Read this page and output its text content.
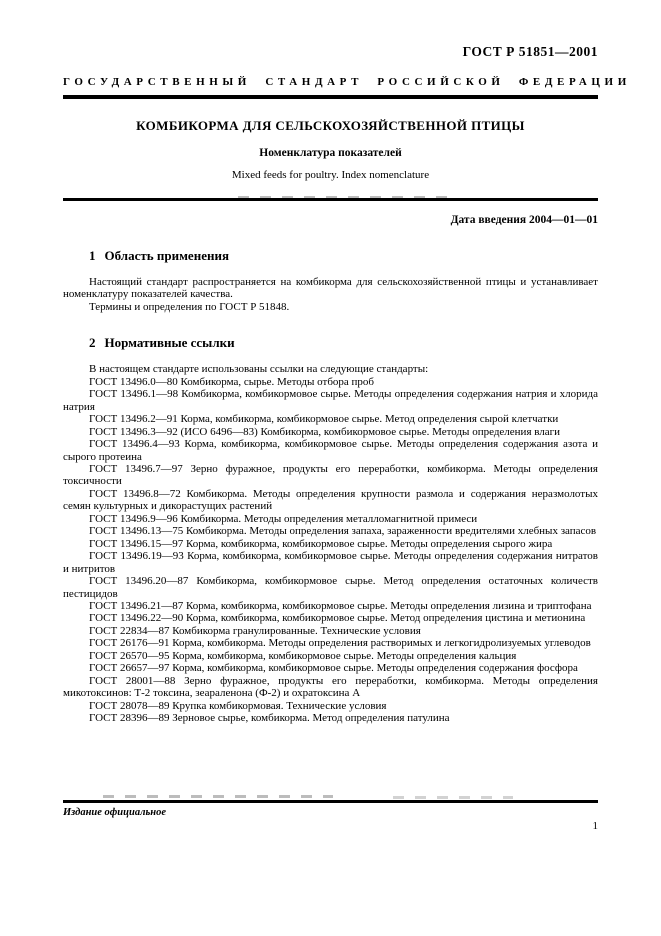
ГОСТ Р 51851—2001
ГОСУДАРСТВЕННЫЙ СТАНДАРТ РОССИЙСКОЙ ФЕДЕРАЦИИ
КОМБИКОРМА ДЛЯ СЕЛЬСКОХОЗЯЙСТВЕННОЙ ПТИЦЫ
Номенклатура показателей
Mixed feeds for poultry. Index nomenclature
Дата введения 2004—01—01
1 Область применения

Настоящий стандарт распространяется на комбикорма для сельскохозяйственной птицы и устанавливает номенклатуру показателей качества.

Термины и определения по ГОСТ Р 51848.

2 Нормативные ссылки

В настоящем стандарте использованы ссылки на следующие стандарты:

ГОСТ 13496.0—80 Комбикорма, сырье. Методы отбора проб

ГОСТ 13496.1—98 Комбикорма, комбикормовое сырье. Методы определения содержания натрия и хлорида натрия

ГОСТ 13496.2—91 Корма, комбикорма, комбикормовое сырье. Метод определения сырой клетчатки

ГОСТ 13496.3—92 (ИСО 6496—83) Комбикорма, комбикормовое сырье. Методы определения влаги

ГОСТ 13496.4—93 Корма, комбикорма, комбикормовое сырье. Методы определения содержания азота и сырого протеина

ГОСТ 13496.7—97 Зерно фуражное, продукты его переработки, комбикорма. Методы определения токсичности

ГОСТ 13496.8—72 Комбикорма. Методы определения крупности размола и содержания неразмолотых семян культурных и дикорастущих растений

ГОСТ 13496.9—96 Комбикорма. Методы определения металломагнитной примеси

ГОСТ 13496.13—75 Комбикорма. Методы определения запаха, зараженности вредителями хлебных запасов

ГОСТ 13496.15—97 Корма, комбикорма, комбикормовое сырье. Методы определения сырого жира

ГОСТ 13496.19—93 Корма, комбикорма, комбикормовое сырье. Методы определения содержания нитратов и нитритов

ГОСТ 13496.20—87 Комбикорма, комбикормовое сырье. Метод определения остаточных количеств пестицидов

ГОСТ 13496.21—87 Корма, комбикорма, комбикормовое сырье. Методы определения лизина и триптофана

ГОСТ 13496.22—90 Корма, комбикорма, комбикормовое сырье. Метод определения цистина и метионина

ГОСТ 22834—87 Комбикорма гранулированные. Технические условия

ГОСТ 26176—91 Корма, комбикорма. Методы определения растворимых и легкогидролизуемых углеводов

ГОСТ 26570—95 Корма, комбикорма, комбикормовое сырье. Методы определения кальция

ГОСТ 26657—97 Корма, комбикорма, комбикормовое сырье. Методы определения содержания фосфора

ГОСТ 28001—88 Зерно фуражное, продукты его переработки, комбикорма. Методы определения микотоксинов: Т-2 токсина, зеараленона (Ф-2) и охратоксина А

ГОСТ 28078—89 Крупка комбикормовая. Технические условия

ГОСТ 28396—89 Зерновое сырье, комбикорма. Метод определения патулина

Издание официальное
1
